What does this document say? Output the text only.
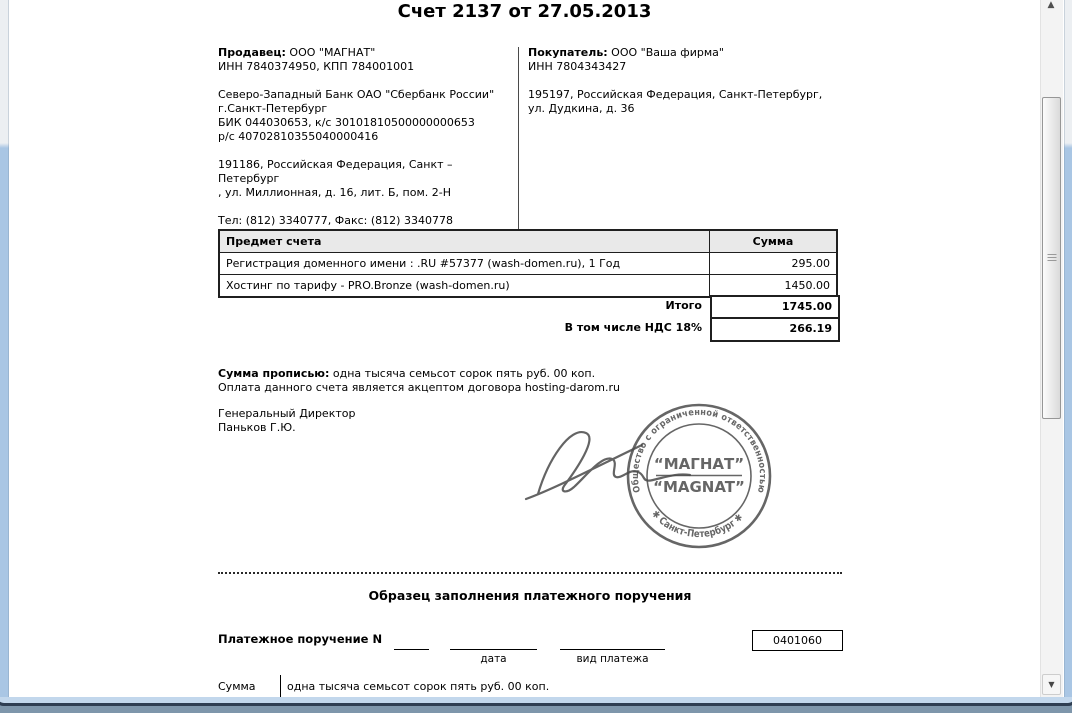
Счет 2137 от 27.05.2013
Продавец: ООО "МАГНАТ"
ИНН 7840374950, КПП 784001001
Северо-Западный Банк ОАО "Сбербанк России"
г.Санкт-Петербург
БИК 044030653, к/с 30101810500000000653
р/с 40702810355040000416
191186, Российская Федерация, Санкт – Петербург
, ул. Миллионная, д. 16, лит. Б, пом. 2-Н
Тел: (812) 3340777, Факс: (812) 3340778
Покупатель: ООО "Ваша фирма"
ИНН 7804343427
195197, Российская Федерация, Санкт-Петербург,
ул. Дудкина, д. 36
Предмет счета	Сумма
Регистрация доменного имени : .RU #57377 (wash-domen.ru), 1 Год	295.00
Хостинг по тарифу - PRO.Bronze (wash-domen.ru)	1450.00
Итого	1745.00
В том числе НДС 18%	266.19
Сумма прописью: одна тысяча семьсот сорок пять руб. 00 коп.
Оплата данного счета является акцептом договора hosting-darom.ru
Генеральный Директор
Паньков Г.Ю.
Общество с ограниченной ответственностью
✱ Санкт-Петербург ✱
“МАГНАТ”
“MAGNAT”
Образец заполнения платежного поручения
Платежное поручение N
дата	вид платежа
0401060
Сумма	одна тысяча семьсот сорок пять руб. 00 коп.
▲
▼
